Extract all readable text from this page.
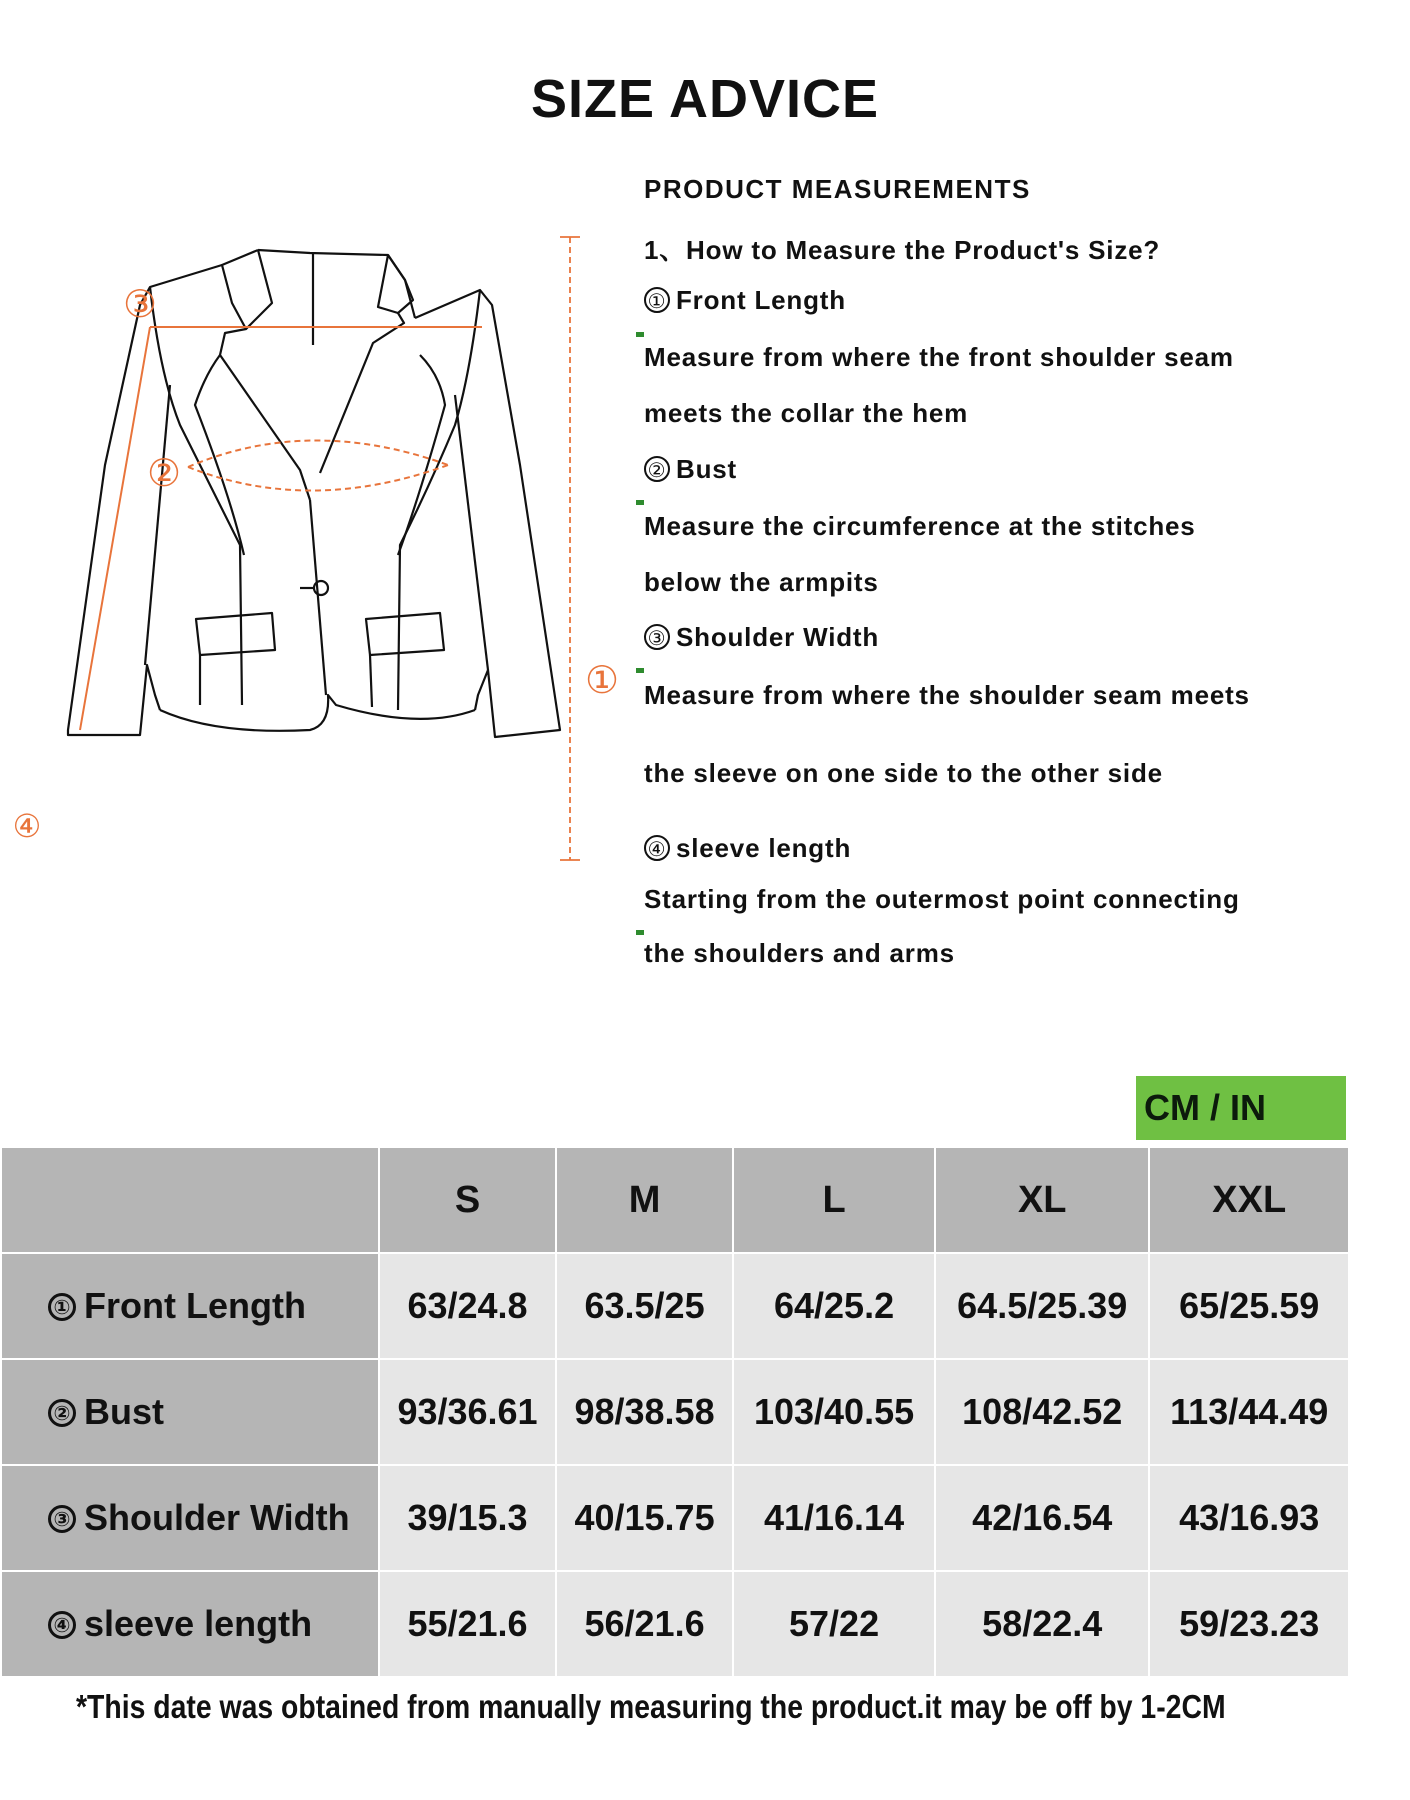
SIZE ADVICE
①
②
③
④
PRODUCT MEASUREMENTS
1、How to Measure the Product's Size?
① Front Length
Measure from where the front shoulder seam
meets the collar the hem
② Bust
Measure the circumference at the stitches
below the armpits
③ Shoulder Width
Measure from where the shoulder seam meets
the sleeve on one side to the other side
④ sleeve length
Starting from the outermost point connecting
the shoulders and arms
CM / IN
	S	M	L	XL	XXL
① Front Length	63/24.8	63.5/25	64/25.2	64.5/25.39	65/25.59
② Bust	93/36.61	98/38.58	103/40.55	108/42.52	113/44.49
③ Shoulder Width	39/15.3	40/15.75	41/16.14	42/16.54	43/16.93
④ sleeve length	55/21.6	56/21.6	57/22	58/22.4	59/23.23
*This date was obtained from manually measuring the product.it may be off by 1-2CM
